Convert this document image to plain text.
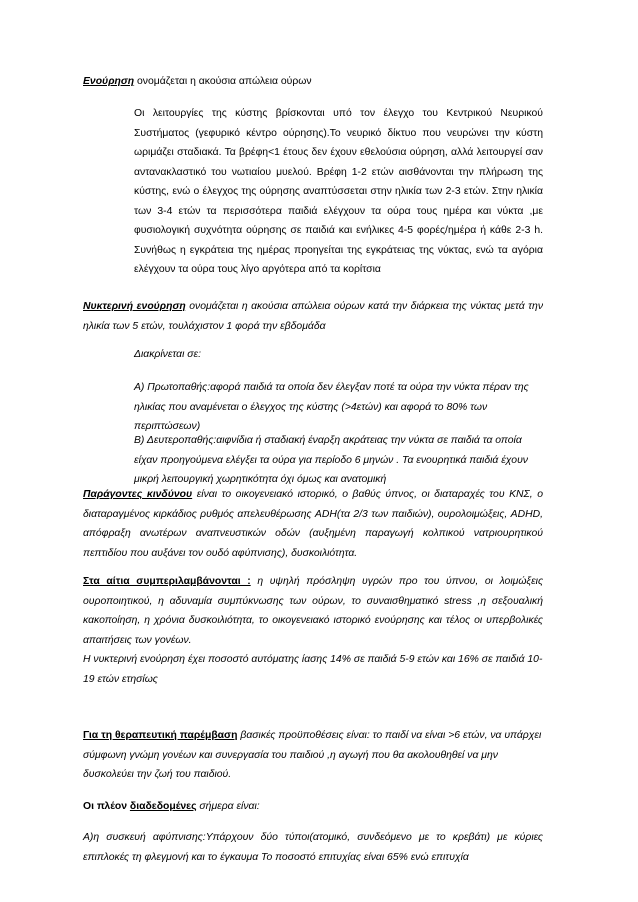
Ενούρηση ονομάζεται η ακούσια απώλεια ούρων

Οι λειτουργίες της κύστης βρίσκονται υπό τον έλεγχο του Κεντρικού Νευρικού Συστήματος (γεφυρικό κέντρο ούρησης).Το νευρικό δίκτυο που νευρώνει την κύστη ωριμάζει σταδιακά. Τα βρέφη<1 έτους δεν έχουν εθελούσια ούρηση, αλλά λειτουργεί σαν αντανακλαστικό του νωτιαίου μυελού. Βρέφη 1-2 ετών αισθάνονται την πλήρωση της κύστης, ενώ ο έλεγχος της ούρησης αναπτύσσεται στην ηλικία των 2-3 ετών. Στην ηλικία των 3-4 ετών τα περισσότερα παιδιά ελέγχουν τα ούρα τους ημέρα και νύκτα ,με φυσιολογική συχνότητα ούρησης σε παιδιά και ενήλικες 4-5 φορές/ημέρα ή κάθε 2-3 h. Συνήθως η εγκράτεια της ημέρας προηγείται της εγκράτειας της νύκτας, ενώ τα αγόρια ελέγχουν τα ούρα τους λίγο αργότερα από τα κορίτσια

Νυκτερινή ενούρηση ονομάζεται η ακούσια απώλεια ούρων κατά την διάρκεια της νύκτας μετά την ηλικία των 5 ετών, τουλάχιστον 1 φορά την εβδομάδα

Διακρίνεται σε:

Α) Πρωτοπαθής:αφορά παιδιά τα οποία δεν έλεγξαν ποτέ τα ούρα την νύκτα πέραν της ηλικίας που αναμένεται ο έλεγχος της κύστης (>4ετών) και αφορά το 80% των περιπτώσεων)

Β) Δευτεροπαθής:αιφνίδια ή σταδιακή έναρξη ακράτειας την νύκτα σε παιδιά τα οποία είχαν προηγούμενα ελέγξει τα ούρα για περίοδο 6 μηνών . Τα ενουρητικά παιδιά έχουν μικρή λειτουργική χωρητικότητα όχι όμως και ανατομική

Παράγοντες κινδύνου είναι το οικογενειακό ιστορικό, ο βαθύς ύπνος, οι διαταραχές του ΚΝΣ, ο διαταραγμένος κιρκάδιος ρυθμός απελευθέρωσης ADH(τα 2/3 των παιδιών), ουρολοιμώξεις, ADHD, απόφραξη ανωτέρων αναπνευστικών οδών (αυξημένη παραγωγή κολπικού νατριουρητικού πεπτιδίου που αυξάνει τον ουδό αφύπνισης), δυσκοιλιότητα.

Στα αίτια συμπεριλαμβάνονται : η υψηλή πρόσληψη υγρών προ του ύπνου, οι λοιμώξεις ουροποιητικού, η αδυναμία συμπύκνωσης των ούρων, το συναισθηματικό stress ,η σεξουαλική κακοποίηση, η χρόνια δυσκοιλιότητα, το οικογενειακό ιστορικό ενούρησης και τέλος οι υπερβολικές απαιτήσεις των γονέων.

Η νυκτερινή ενούρηση έχει ποσοστό αυτόματης ίασης 14% σε παιδιά 5-9 ετών και 16% σε παιδιά 10-19 ετών ετησίως

Για τη θεραπευτική παρέμβαση βασικές προϋποθέσεις είναι: το παιδί να είναι >6 ετών, να υπάρχει σύμφωνη γνώμη γονέων και συνεργασία του παιδιού ,η αγωγή που θα ακολουθηθεί να μην δυσκολεύει την ζωή του παιδιού.

Οι πλέον διαδεδομένες σήμερα είναι:

Α)η συσκευή αφύπνισης:Υπάρχουν δύο τύποι(ατομικό, συνδεόμενο με το κρεβάτι) με κύριες επιπλοκές τη φλεγμονή και το έγκαυμα Το ποσοστό επιτυχίας είναι 65% ενώ επιτυχία
